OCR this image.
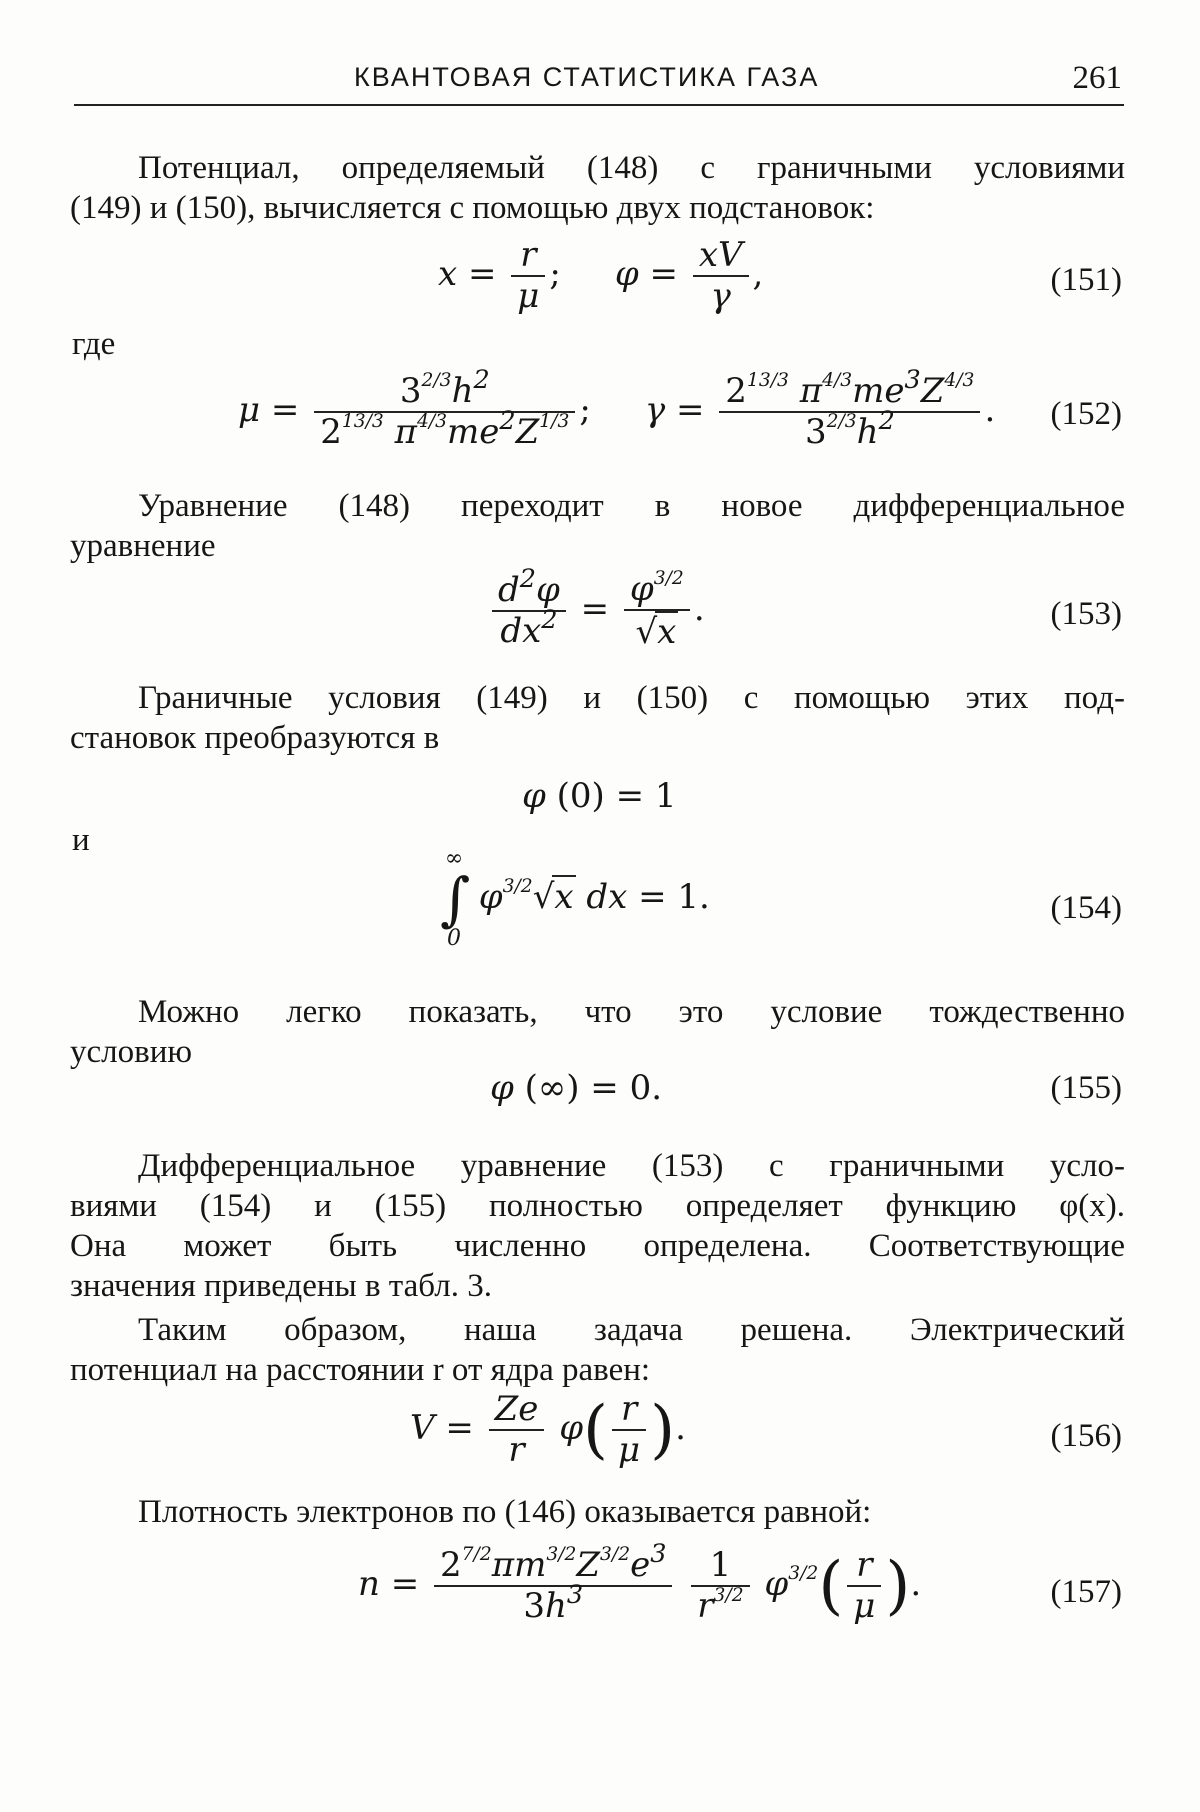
КВАНТОВАЯ СТАТИСТИКА ГАЗА	261
Потенциал, определяемый (148) с граничными условиями
(149) и (150), вычисляется с помощью двух подстановок:
$x = \frac{r}{\mu}$ ;     $\varphi = \frac{xV}{\gamma}$ ,	(151)
где
$\mu = \frac{3^{2/3}h^2}{2^{13/3} \pi^{4/3}me^2Z^{1/3}}$ ;     $\gamma = \frac{2^{13/3} \pi^{4/3}me^3Z^{4/3}}{3^{2/3}h^2}$ . (152)
Уравнение (148) переходит в новое дифференциальное
уравнение
$\frac{d^2\varphi}{dx^2} = \frac{\varphi^{3/2}}{√x}$ .	(153)
Граничные условия (149) и (150) с помощью этих под-
становок преобразуются в
φ (0) = 1
и
∞
∫
0
$\varphi^{3/2}√x$ dx = 1.	(154)
Можно легко показать, что это условие тождественно
условию
φ (∞) = 0.	(155)
Дифференциальное уравнение (153) с граничными усло-
виями (154) и (155) полностью определяет функцию φ(x).
Она может быть численно определена. Соответствующие
значения приведены в табл. 3.
Таким образом, наша задача решена. Электрический
потенциал на расстоянии r от ядра равен:
$V = \frac{Ze}{r} \varphi( \frac{r}{\mu}$ ).	(156)
Плотность электронов по (146) оказывается равной:
$n = \frac{2^{7/2}\pi m^{3/2}Z^{3/2}e^3}{3h^3}$
$\frac{1}{r^{3/2}} \varphi^{3/2}( \frac{r}{\mu}$ ).	(157)
